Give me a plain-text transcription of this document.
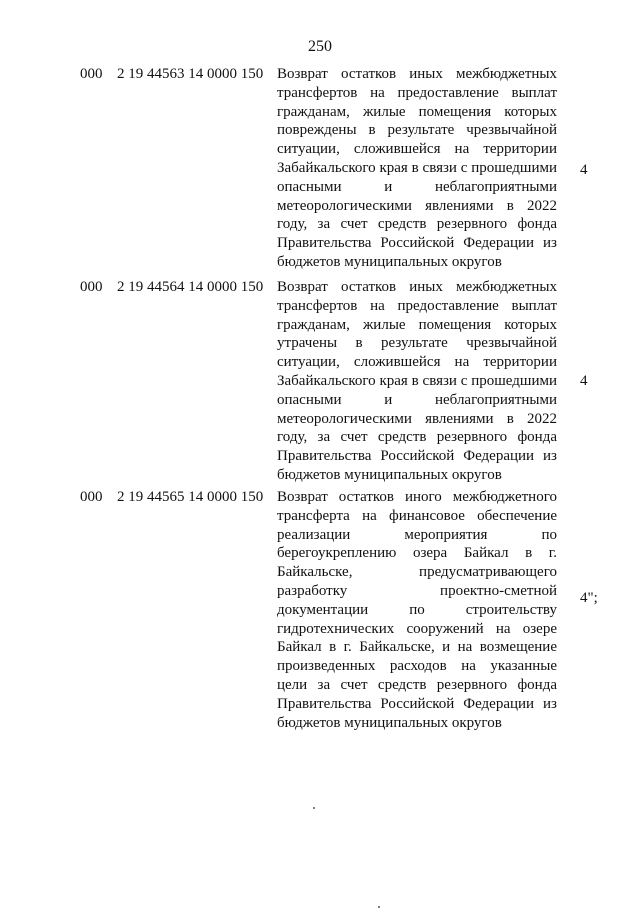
250
000 2 19 44563 14 0000 150 Возврат остатков иных межбюджетных трансфертов на предоставление выплат гражданам, жилые помещения которых повреждены в результате чрезвычайной ситуации, сложившейся на территории Забайкальского края в связи с прошедшими опасными и неблагоприятными метеорологическими явлениями в 2022 году, за счет средств резервного фонда Правительства Российской Федерации из бюджетов муниципальных округов

4
000 2 19 44564 14 0000 150 Возврат остатков иных межбюджетных трансфертов на предоставление выплат гражданам, жилые помещения которых утрачены в результате чрезвычайной ситуации, сложившейся на территории Забайкальского края в связи с прошедшими опасными и неблагоприятными метеорологическими явлениями в 2022 году, за счет средств резервного фонда Правительства Российской Федерации из бюджетов муниципальных округов

4
000 2 19 44565 14 0000 150 Возврат остатков иного межбюджетного трансферта на финансовое обеспечение реализации мероприятия по берегоукреплению озера Байкал в г. Байкальске, предусматривающего разработку проектно-сметной документации по строительству гидротехнических сооружений на озере Байкал в г. Байкальске, и на возмещение произведенных расходов на указанные цели за счет средств резервного фонда Правительства Российской Федерации из бюджетов муниципальных округов

4";
